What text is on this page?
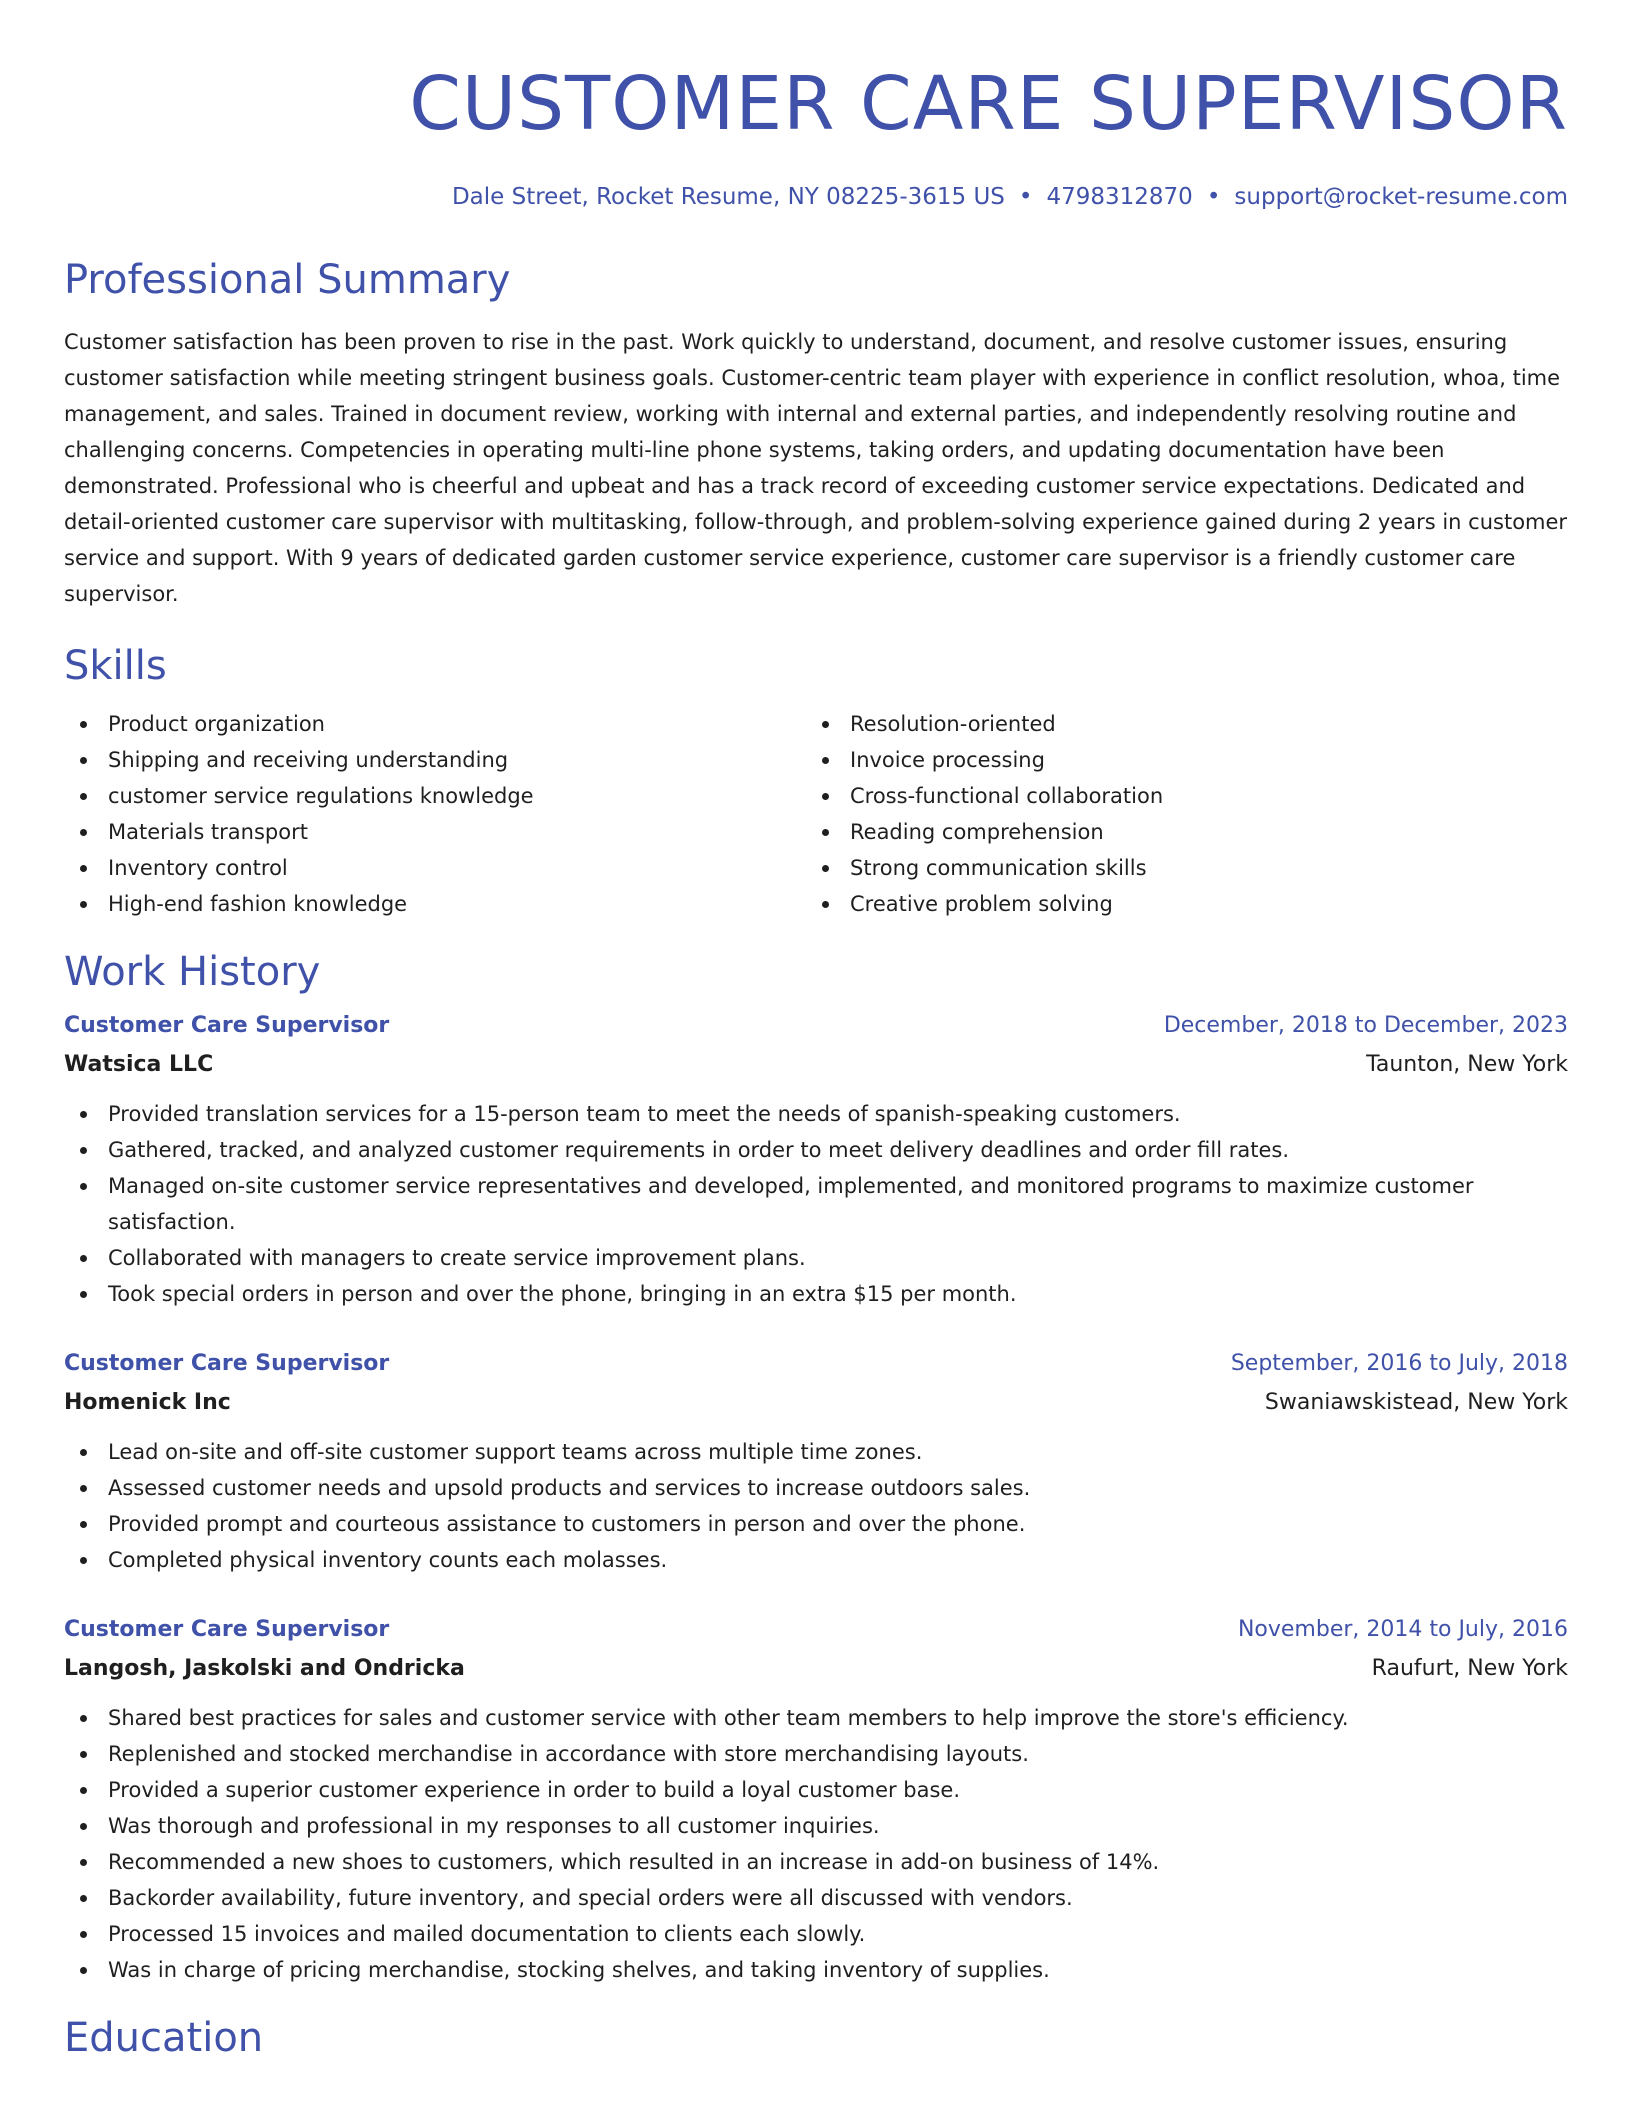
CUSTOMER CARE SUPERVISOR
Dale Street, Rocket Resume, NY 08225-3615 US • 4798312870 • support@rocket-resume.com
Professional Summary

Customer satisfaction has been proven to rise in the past. Work quickly to understand, document, and resolve customer issues, ensuring customer satisfaction while meeting stringent business goals. Customer-centric team player with experience in conflict resolution, whoa, time management, and sales. Trained in document review, working with internal and external parties, and independently resolving routine and challenging concerns. Competencies in operating multi-line phone systems, taking orders, and updating documentation have been demonstrated. Professional who is cheerful and upbeat and has a track record of exceeding customer service expectations. Dedicated and detail-oriented customer care supervisor with multitasking, follow-through, and problem-solving experience gained during 2 years in customer service and support. With 9 years of dedicated garden customer service experience, customer care supervisor is a friendly customer care supervisor.

Skills
Product organization
Shipping and receiving understanding
customer service regulations knowledge
Materials transport
Inventory control
High-end fashion knowledge
Resolution-oriented
Invoice processing
Cross-functional collaboration
Reading comprehension
Strong communication skills
Creative problem solving
Work History
Customer Care Supervisor	December, 2018 to December, 2023
Watsica LLC	Taunton, New York
Provided translation services for a 15-person team to meet the needs of spanish-speaking customers.
Gathered, tracked, and analyzed customer requirements in order to meet delivery deadlines and order fill rates.
Managed on-site customer service representatives and developed, implemented, and monitored programs to maximize customer satisfaction.
Collaborated with managers to create service improvement plans.
Took special orders in person and over the phone, bringing in an extra $15 per month.
Customer Care Supervisor	September, 2016 to July, 2018
Homenick Inc	Swaniawskistead, New York
Lead on-site and off-site customer support teams across multiple time zones.
Assessed customer needs and upsold products and services to increase outdoors sales.
Provided prompt and courteous assistance to customers in person and over the phone.
Completed physical inventory counts each molasses.
Customer Care Supervisor	November, 2014 to July, 2016
Langosh, Jaskolski and Ondricka	Raufurt, New York
Shared best practices for sales and customer service with other team members to help improve the store's efficiency.
Replenished and stocked merchandise in accordance with store merchandising layouts.
Provided a superior customer experience in order to build a loyal customer base.
Was thorough and professional in my responses to all customer inquiries.
Recommended a new shoes to customers, which resulted in an increase in add-on business of 14%.
Backorder availability, future inventory, and special orders were all discussed with vendors.
Processed 15 invoices and mailed documentation to clients each slowly.
Was in charge of pricing merchandise, stocking shelves, and taking inventory of supplies.
Education
